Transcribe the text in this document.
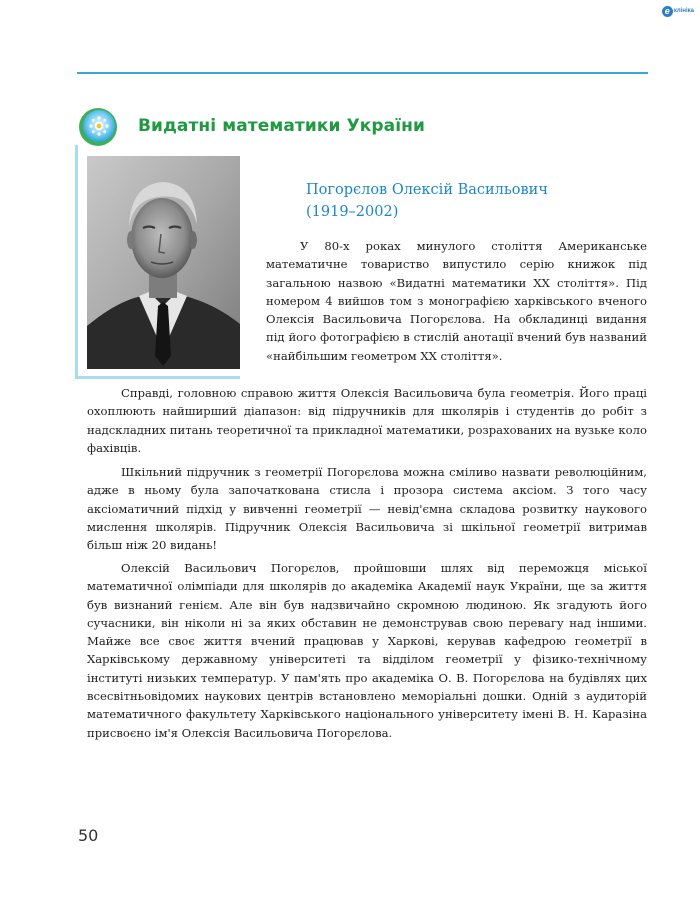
e клініка
Видатні математики України
Погорєлов Олексій Васильович
(1919–2002)

У 80-х роках минулого століття Американське математичне товариство випустило серію книжок під загальною назвою «Видатні математики XX століття». Під номером 4 вийшов том з монографією харківського вченого Олексія Васильовича Погорєлова. На обкладинці видання під його фотографією в стислій анотації вчений був названий «найбільшим геометром XX століття».

Справді, головною справою життя Олексія Васильовича була геометрія. Його праці охоплюють найширший діапазон: від підручників для школярів і студентів до робіт з надскладних питань теоретичної та прикладної математики, розрахованих на вузьке коло фахівців.

Шкільний підручник з геометрії Погорєлова можна сміливо назвати революційним, адже в ньому була започаткована стисла і прозора система аксіом. З того часу аксіоматичний підхід у вивченні геометрії — невід'ємна складова розвитку наукового мислення школярів. Підручник Олексія Васильовича зі шкільної геометрії витримав більш ніж 20 видань!

Олексій Васильович Погорєлов, пройшовши шлях від переможця міської математичної олімпіади для школярів до академіка Академії наук України, ще за життя був визнаний генієм. Але він був надзвичайно скромною людиною. Як згадують його сучасники, він ніколи ні за яких обставин не демонстрував свою перевагу над іншими. Майже все своє життя вчений працював у Харкові, керував кафедрою геометрії в Харківському державному університеті та відділом геометрії у фізико-технічному інституті низьких температур. У пам'ять про академіка О. В. Погорєлова на будівлях цих всесвітньовідомих наукових центрів встановлено меморіальні дошки. Одній з аудиторій математичного факультету Харківського національного університету імені В. Н. Каразіна присвоєно ім'я Олексія Васильовича Погорєлова.

50
